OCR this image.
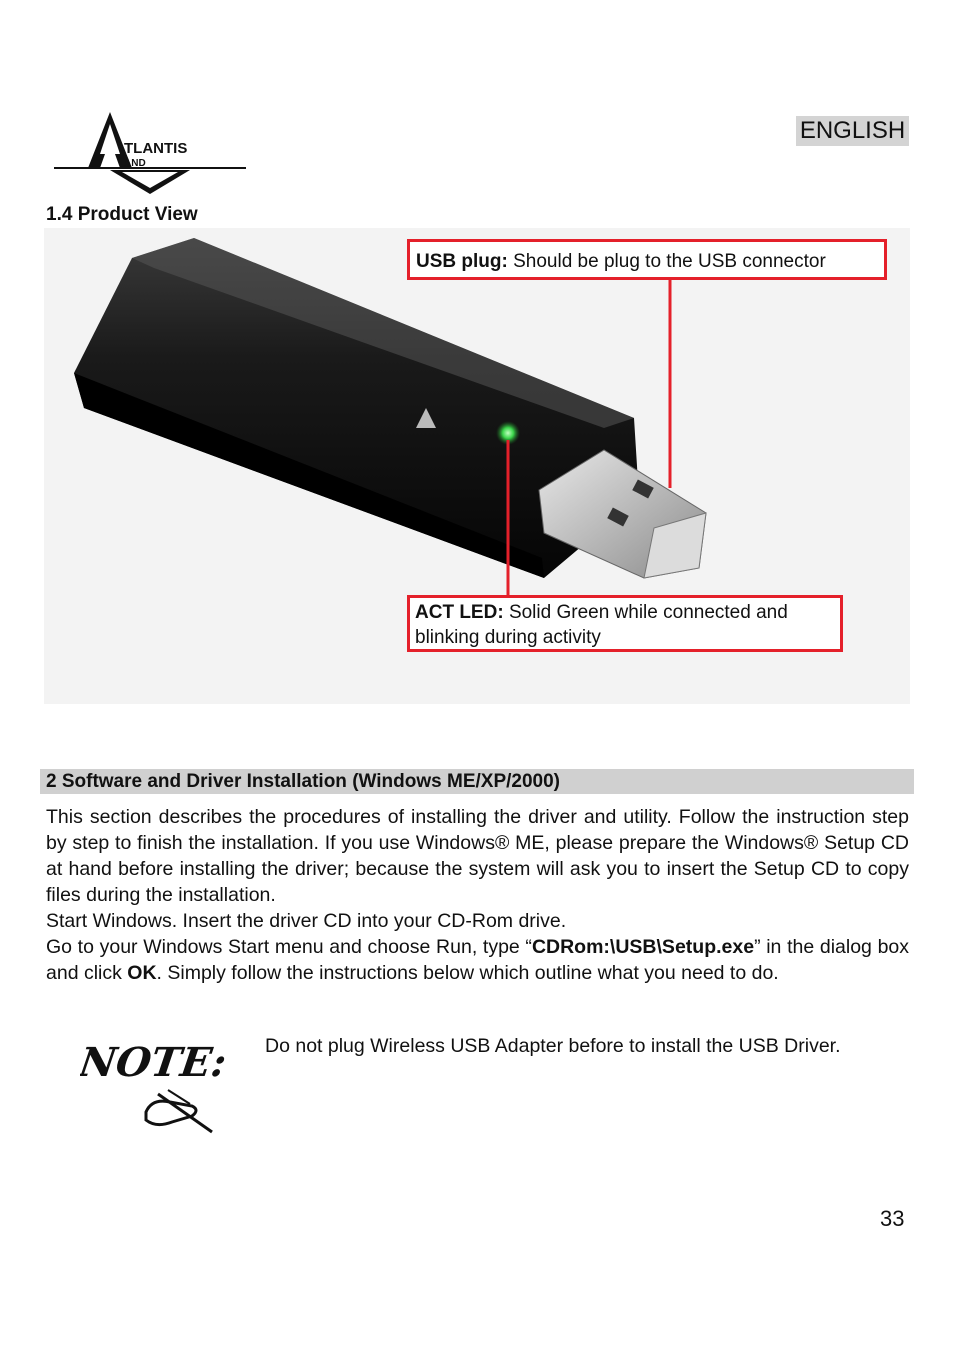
TLANTIS
AND
ENGLISH
1.4 Product View
USB plug: Should be plug to the USB connector
ACT LED: Solid Green while connected and blinking during activity
2 Software and Driver Installation (Windows ME/XP/2000)

This section describes the procedures of installing the driver and utility. Follow the instruction step by step to finish the installation. If you use Windows® ME, please prepare the Windows® Setup CD at hand before installing the driver; because the system will ask you to insert the Setup CD to copy files during the installation.

Start Windows. Insert the driver CD into your CD-Rom drive.

Go to your Windows Start menu and choose Run, type “CDRom:\USB\Setup.exe” in the dialog box and click OK. Simply follow the instructions below which outline what you need to do.

NOTE: Do not plug Wireless USB Adapter before to install the USB Driver.
33
